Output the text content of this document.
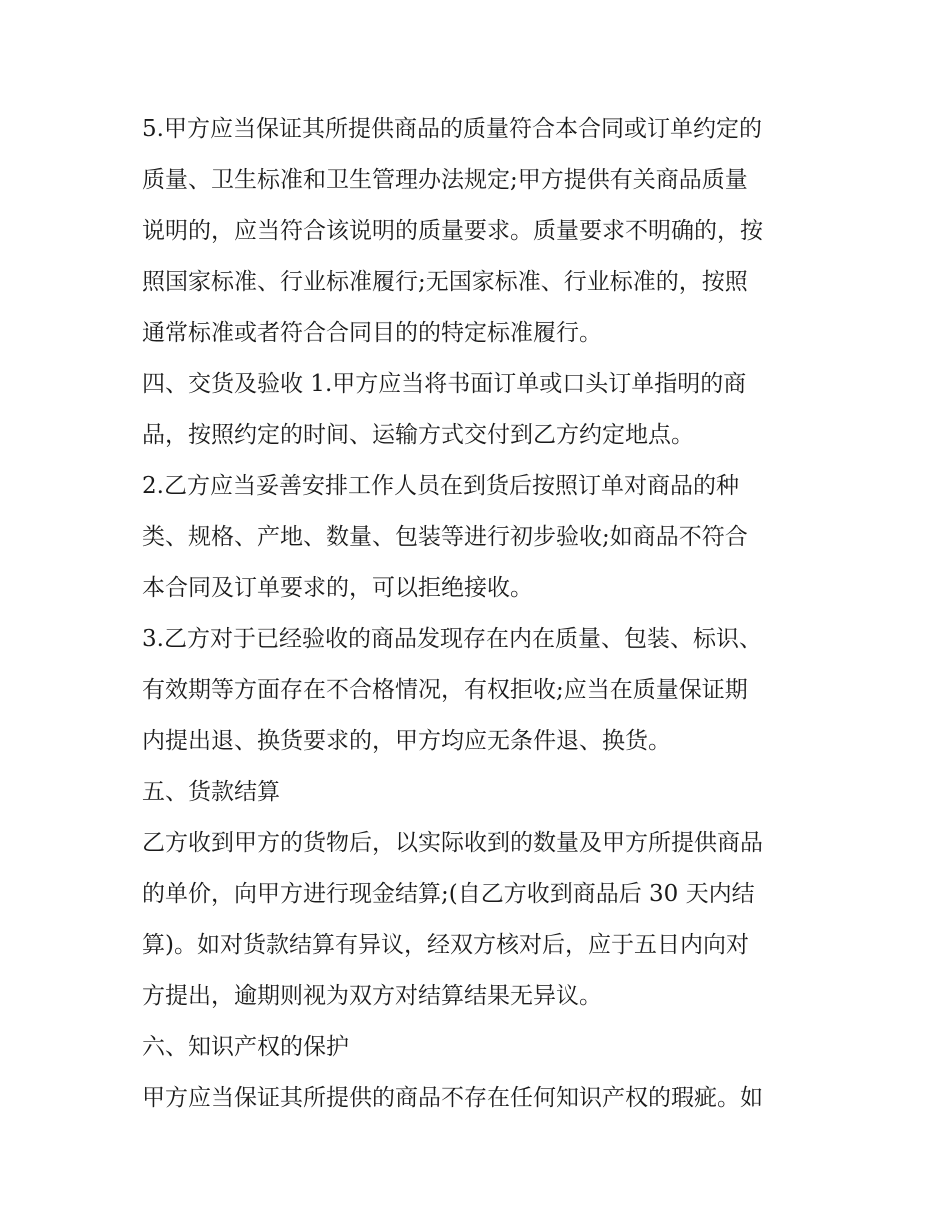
5.甲方应当保证其所提供商品的质量符合本合同或订单约定的
质量、卫生标准和卫生管理办法规定;甲方提供有关商品质量
说明的，应当符合该说明的质量要求。质量要求不明确的，按
照国家标准、行业标准履行;无国家标准、行业标准的，按照
通常标准或者符合合同目的的特定标准履行。
四、交货及验收 1.甲方应当将书面订单或口头订单指明的商
品，按照约定的时间、运输方式交付到乙方约定地点。
2.乙方应当妥善安排工作人员在到货后按照订单对商品的种
类、规格、产地、数量、包装等进行初步验收;如商品不符合
本合同及订单要求的，可以拒绝接收。
3.乙方对于已经验收的商品发现存在内在质量、包装、标识、
有效期等方面存在不合格情况，有权拒收;应当在质量保证期
内提出退、换货要求的，甲方均应无条件退、换货。
五、货款结算
乙方收到甲方的货物后，以实际收到的数量及甲方所提供商品
的单价，向甲方进行现金结算;(自乙方收到商品后 30 天内结
算)。如对货款结算有异议，经双方核对后，应于五日内向对
方提出，逾期则视为双方对结算结果无异议。
六、知识产权的保护
甲方应当保证其所提供的商品不存在任何知识产权的瑕疵。如
